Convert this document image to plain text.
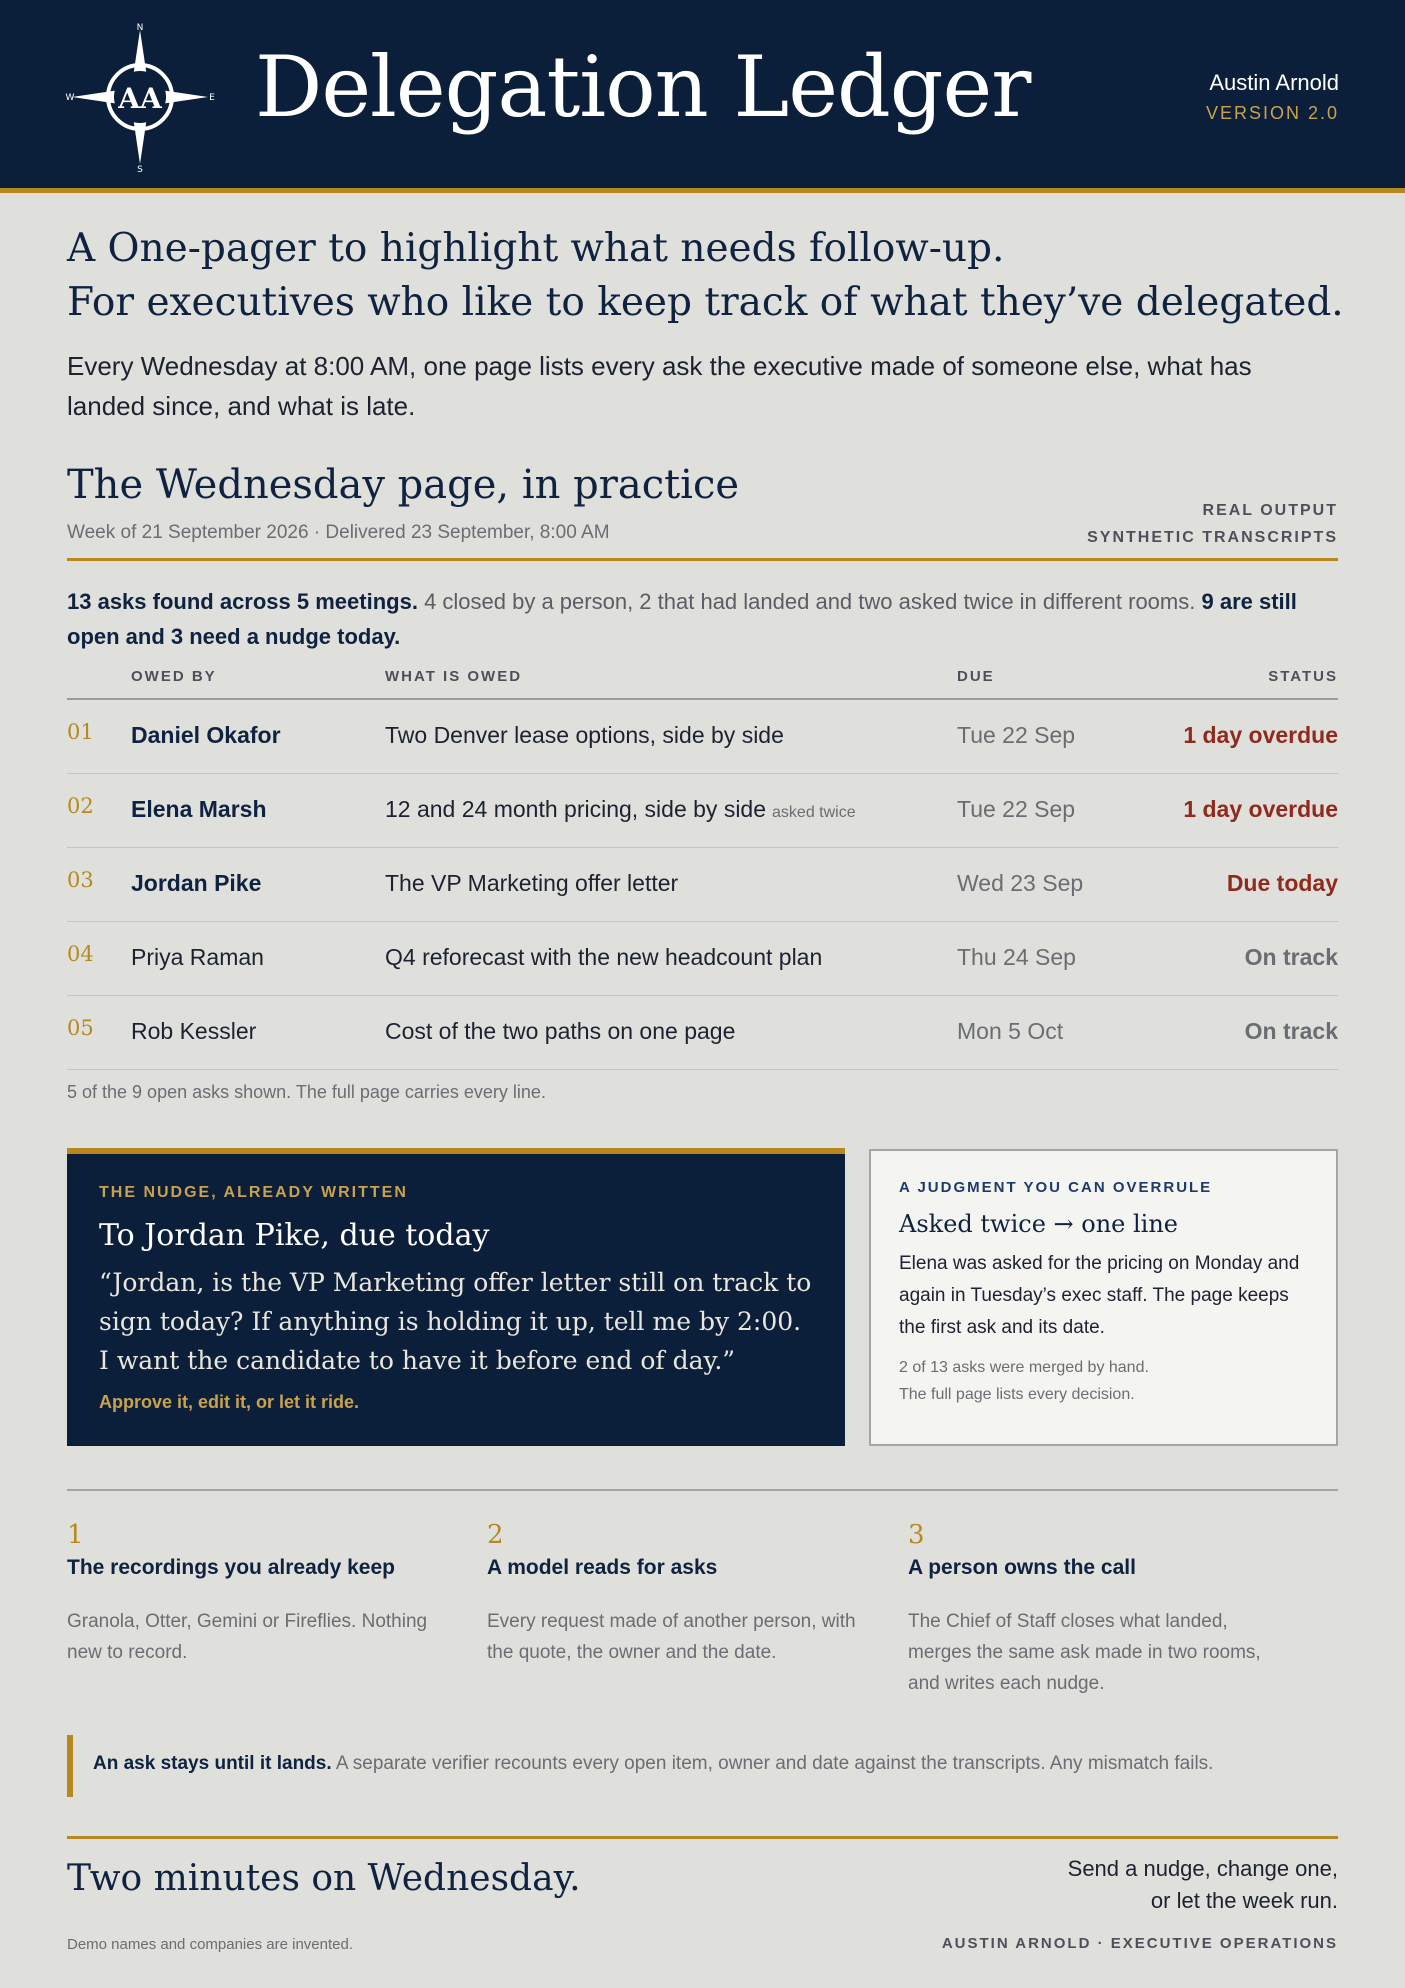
AA
N
S
W	E Delegation Ledger	Austin Arnold
VERSION 2.0
A One-pager to highlight what needs follow-up.
For executives who like to keep track of what they’ve delegated.
Every Wednesday at 8:00 AM, one page lists every ask the executive made of someone else, what has landed since, and what is late.
The Wednesday page, in practice
Week of 21 September 2026 · Delivered 23 September, 8:00 AM
REAL OUTPUT
SYNTHETIC TRANSCRIPTS
13 asks found across 5 meetings. 4 closed by a person, 2 that had landed and two asked twice in different rooms. 9 are still open and 3 need a nudge today.
OWED BY	WHAT IS OWED	DUE	STATUS
01 Daniel Okafor	Two Denver lease options, side by side	Tue 22 Sep	1 day overdue
02 Elena Marsh	12 and 24 month pricing, side by side asked twice	Tue 22 Sep	1 day overdue
03 Jordan Pike	The VP Marketing offer letter	Wed 23 Sep	Due today
04 Priya Raman	Q4 reforecast with the new headcount plan	Thu 24 Sep	On track
05 Rob Kessler	Cost of the two paths on one page	Mon 5 Oct	On track
5 of the 9 open asks shown. The full page carries every line.
THE NUDGE, ALREADY WRITTEN
To Jordan Pike, due today
“Jordan, is the VP Marketing offer letter still on track to sign today? If anything is holding it up, tell me by 2:00. I want the candidate to have it before end of day.”
Approve it, edit it, or let it ride.
A JUDGMENT YOU CAN OVERRULE
Asked twice → one line
Elena was asked for the pricing on Monday and again in Tuesday’s exec staff. The page keeps the first ask and its date.
2 of 13 asks were merged by hand.
The full page lists every decision.
1
The recordings you already keep
Granola, Otter, Gemini or Fireflies. Nothing new to record.
2
A model reads for asks
Every request made of another person, with the quote, the owner and the date.
3
A person owns the call
The Chief of Staff closes what landed, merges the same ask made in two rooms, and writes each nudge.
An ask stays until it lands. A separate verifier recounts every open item, owner and date against the transcripts. Any mismatch fails.
Two minutes on Wednesday.	Send a nudge, change one,
or let the week run.
Demo names and companies are invented.	AUSTIN ARNOLD · EXECUTIVE OPERATIONS
